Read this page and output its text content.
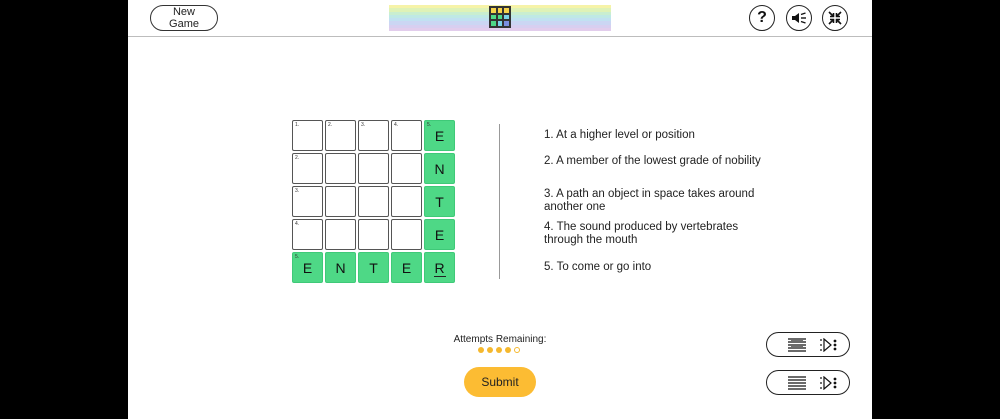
New Game	?
1.	2.	3.	4.	5.
E
2.
N
3.
T
4.
E
5.
E N T E R
1. At a higher level or position
2. A member of the lowest grade of nobility
3. A path an object in space takes around another one
4. The sound produced by vertebrates through the mouth
5. To come or go into
Attempts Remaining:
Submit
